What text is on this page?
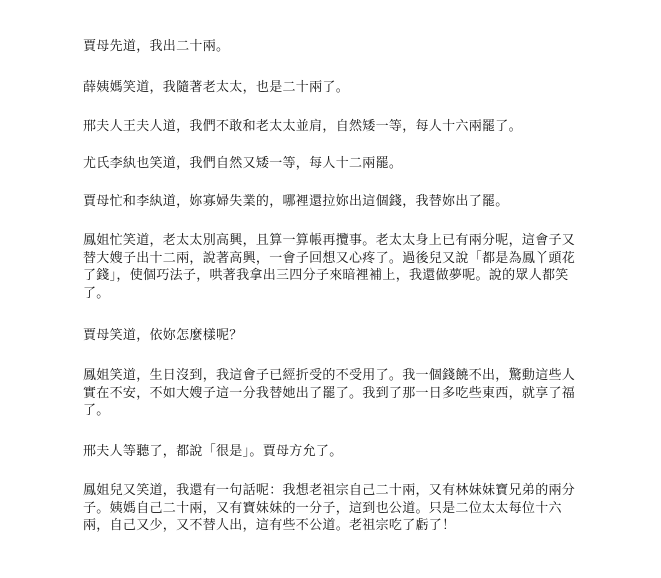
賈母先道，我出二十兩。

薛姨媽笑道，我隨著老太太，也是二十兩了。

邢夫人王夫人道，我們不敢和老太太並肩，自然矮一等，每人十六兩罷了。

尤氏李紈也笑道，我們自然又矮一等，每人十二兩罷。

賈母忙和李紈道，妳寡婦失業的，哪裡還拉妳出這個錢，我替妳出了罷。

鳳姐忙笑道，老太太別高興，且算一算帳再攬事。老太太身上已有兩分呢，這會子又替大嫂子出十二兩，說著高興，一會子回想又心疼了。過後兒又說「都是為鳳丫頭花了錢」，使個巧法子，哄著我拿出三四分子來暗裡補上，我還做夢呢。說的眾人都笑了。

賈母笑道，依妳怎麼樣呢？

鳳姐笑道，生日沒到，我這會子已經折受的不受用了。我一個錢饒不出，驚動這些人實在不安，不如大嫂子這一分我替她出了罷了。我到了那一日多吃些東西，就享了福了。

邢夫人等聽了，都說「很是」。賈母方允了。

鳳姐兒又笑道，我還有一句話呢：我想老祖宗自己二十兩，又有林妹妹寶兄弟的兩分子。姨媽自己二十兩，又有寶妹妹的一分子，這到也公道。只是二位太太每位十六兩，自己又少，又不替人出，這有些不公道。老祖宗吃了虧了！
